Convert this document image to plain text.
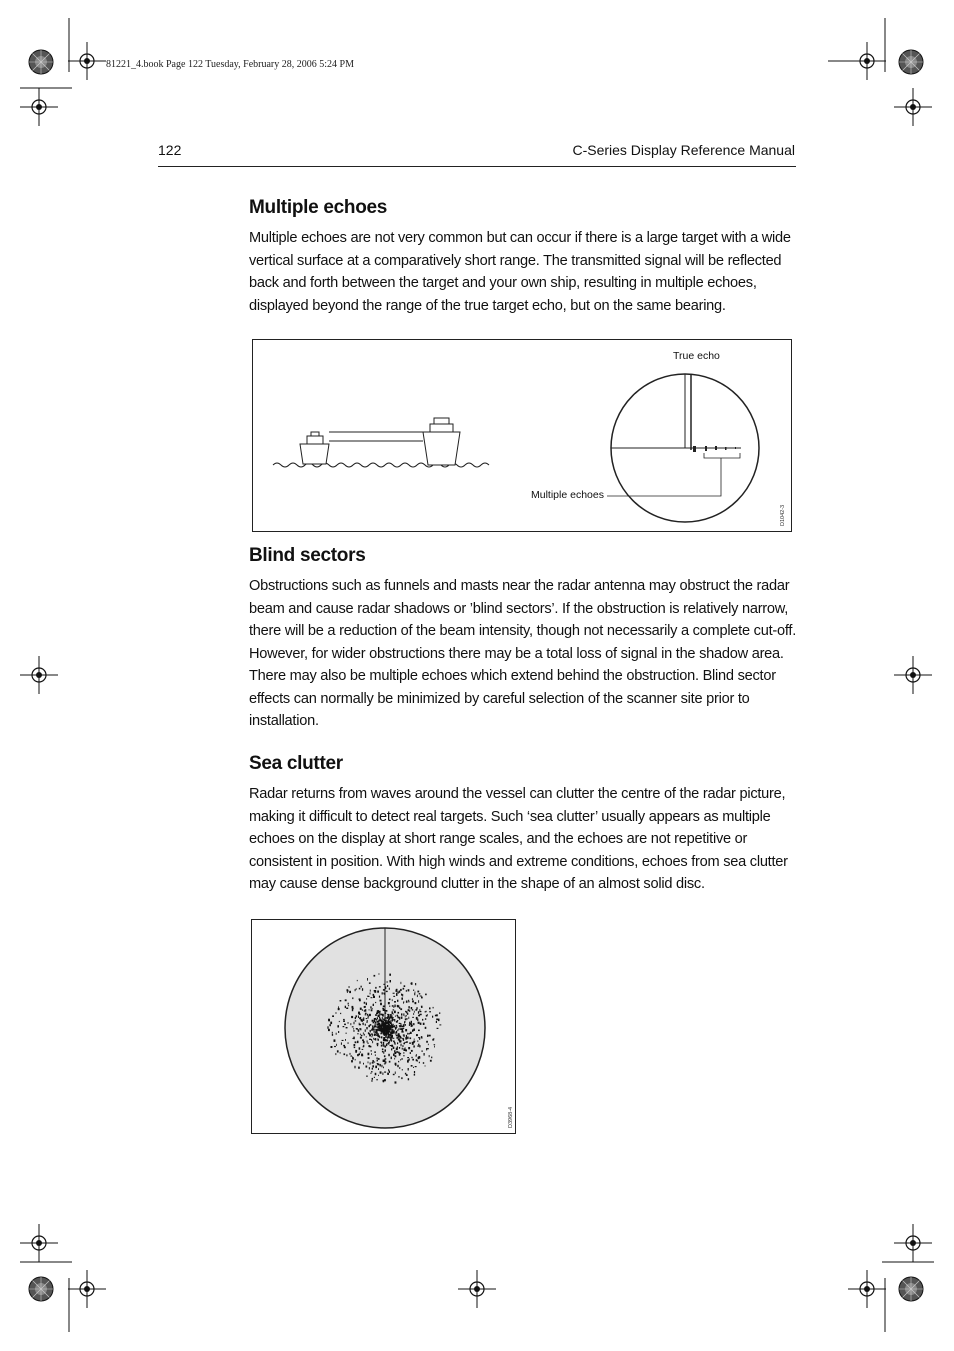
81221_4.book Page 122 Tuesday, February 28, 2006 5:24 PM
122	C-Series Display Reference Manual
Multiple echoes

Multiple echoes are not very common but can occur if there is a large target with a wide vertical surface at a comparatively short range. The transmitted signal will be reflected back and forth between the target and your own ship, resulting in multiple echoes, displayed beyond the range of the true target echo, but on the same bearing.

True echo
Multiple echoes
D1042-3
Blind sectors

Obstructions such as funnels and masts near the radar antenna may obstruct the radar beam and cause radar shadows or ’blind sectors’. If the obstruction is relatively narrow, there will be a reduction of the beam intensity, though not necessarily a complete cut-off. However, for wider obstructions there may be a total loss of signal in the shadow area. There may also be multiple echoes which extend behind the obstruction. Blind sector effects can normally be minimized by careful selection of the scanner site prior to installation.

Sea clutter

Radar returns from waves around the vessel can clutter the centre of the radar picture, making it difficult to detect real targets. Such ‘sea clutter’ usually appears as multiple echoes on the display at short range scales, and the echoes are not repetitive or consistent in position. With high winds and extreme conditions, echoes from sea clutter may cause dense background clutter in the shape of an almost solid disc.

D3968-4
